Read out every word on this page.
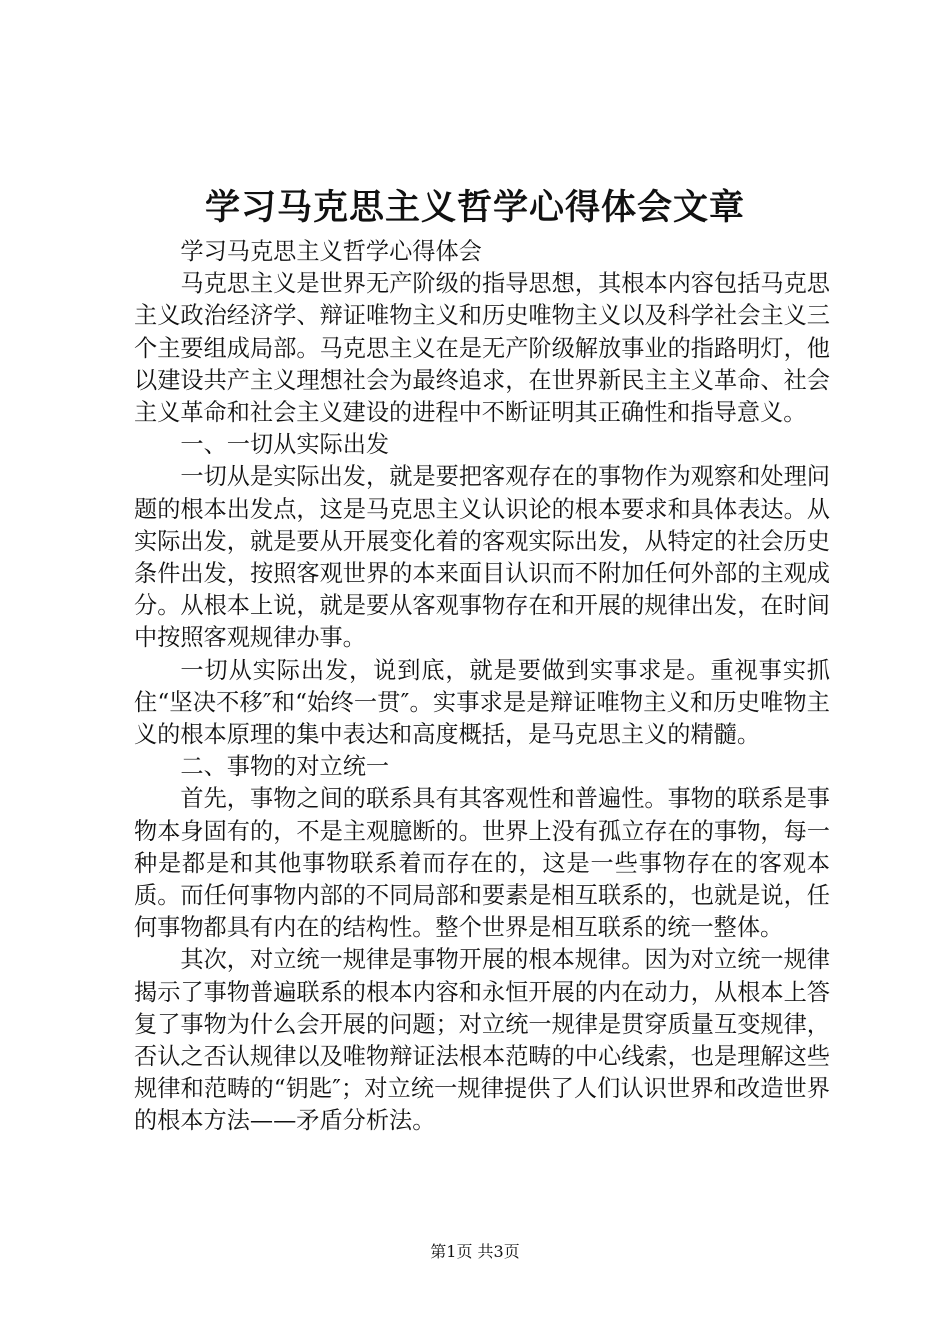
学习马克思主义哲学心得体会文章

学习马克思主义哲学心得体会

马克思主义是世界无产阶级的指导思想，其根本内容包括马克思主义政治经济学、辩证唯物主义和历史唯物主义以及科学社会主义三个主要组成局部。马克思主义在是无产阶级解放事业的指路明灯，他以建设共产主义理想社会为最终追求，在世界新民主主义革命、社会主义革命和社会主义建设的进程中不断证明其正确性和指导意义。

一、一切从实际出发

一切从是实际出发，就是要把客观存在的事物作为观察和处理问题的根本出发点，这是马克思主义认识论的根本要求和具体表达。从实际出发，就是要从开展变化着的客观实际出发，从特定的社会历史条件出发，按照客观世界的本来面目认识而不附加任何外部的主观成分。从根本上说，就是要从客观事物存在和开展的规律出发，在时间中按照客观规律办事。

一切从实际出发，说到底，就是要做到实事求是。重视事实抓住“坚决不移″和“始终一贯″。实事求是是辩证唯物主义和历史唯物主义的根本原理的集中表达和高度概括，是马克思主义的精髓。

二、事物的对立统一

首先，事物之间的联系具有其客观性和普遍性。事物的联系是事物本身固有的，不是主观臆断的。世界上没有孤立存在的事物，每一种是都是和其他事物联系着而存在的，这是一些事物存在的客观本质。而任何事物内部的不同局部和要素是相互联系的，也就是说，任何事物都具有内在的结构性。整个世界是相互联系的统一整体。

其次，对立统一规律是事物开展的根本规律。因为对立统一规律揭示了事物普遍联系的根本内容和永恒开展的内在动力，从根本上答复了事物为什么会开展的问题；对立统一规律是贯穿质量互变规律，否认之否认规律以及唯物辩证法根本范畴的中心线索，也是理解这些规律和范畴的“钥匙″；对立统一规律提供了人们认识世界和改造世界的根本方法——矛盾分析法。

第1页 共3页
